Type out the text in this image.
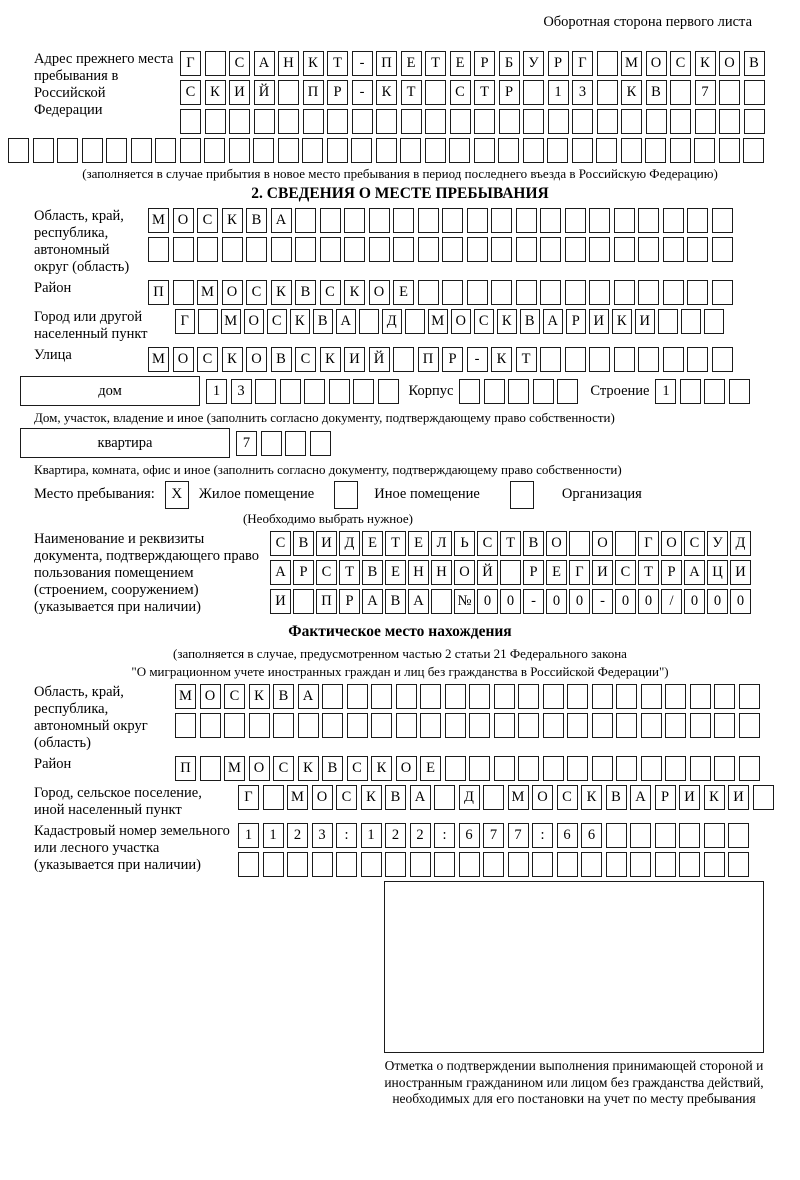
Оборотная сторона первого листа
Адрес прежнего места пребывания в Российской Федерации
Г	С А Н К	Т	-	П	Е	Т	Е	Р	Б	У	Р	Г	М О С	К О В
С	К И Й	П	Р	-	К	Т	С	Т	Р	1	3	К	В	7
(заполняется в случае прибытия в новое место пребывания в период последнего въезда в Российскую Федерацию)
2. СВЕДЕНИЯ О МЕСТЕ ПРЕБЫВАНИЯ
Область, край, республика, автономный округ (область)
М О С	К	В А
Район	П	М О С	К	В	С	К О	Е
Город или другой населенный пункт
Г	М О С К В А	Д	М О С К В А Р И К И
Улица	М О С	К О В	С	К И Й	П	Р	-	К	Т
дом	1	3	Корпус	Строение 1
Дом, участок, владение и иное (заполнить согласно документу, подтверждающему право собственности)
квартира	7
Квартира, комната, офис и иное (заполнить согласно документу, подтверждающему право собственности)
Место пребывания:	X	Жилое помещение	Иное помещение	Организация
(Необходимо выбрать нужное)
Наименование и реквизиты документа, подтверждающего право пользования помещением (строением, сооружением) (указывается при наличии)
С В И Д Е Т Е Л Ь С Т В О	О	Г О С У Д
А Р С Т В Е Н Н О Й	Р	Е Г И С Т	Р А Ц И
И	П Р А В А	№ 0	0	-	0	0	-	0	0	/	0	0	0
Фактическое место нахождения
(заполняется в случае, предусмотренном частью 2 статьи 21 Федерального закона
"О миграционном учете иностранных граждан и лиц без гражданства в Российской Федерации")
Область, край, республика, автономный округ (область)
М О С	К	В А
Район	П	М О С	К	В	С	К О	Е
Город, сельское поселение, иной населенный пункт
Г	М О С	К	В А	Д	М О С	К	В А	Р	И К И
Кадастровый номер земельного или лесного участка (указывается при наличии)
1	1	2	3	:	1	2	2	:	6	7	7	:	6	6
Отметка о подтверждении выполнения принимающей стороной и иностранным гражданином или лицом без гражданства действий, необходимых для его постановки на учет по месту пребывания
